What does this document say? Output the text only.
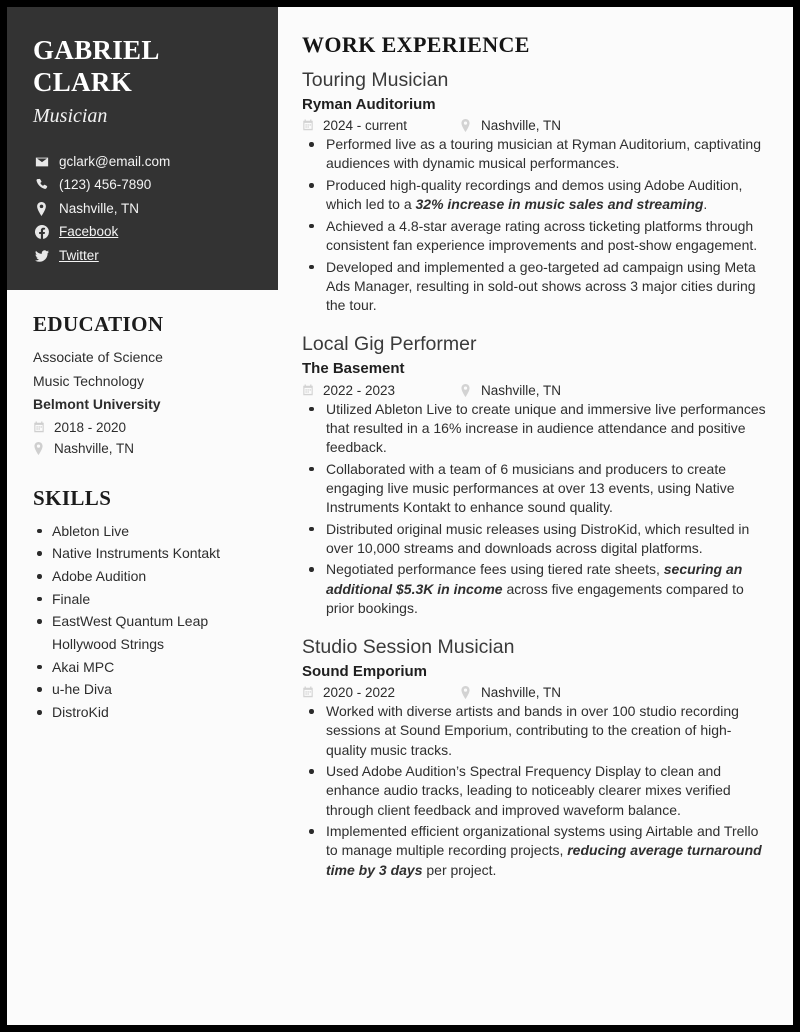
GABRIEL
CLARK
Musician
gclark@email.com
(123) 456-7890
Nashville, TN
Facebook
Twitter
EDUCATION
Associate of Science
Music Technology
Belmont University
2018 - 2020
Nashville, TN
SKILLS
Ableton Live
Native Instruments Kontakt
Adobe Audition
Finale
EastWest Quantum Leap Hollywood Strings
Akai MPC
u-he Diva
DistroKid
WORK EXPERIENCE
Touring Musician
Ryman Auditorium
2024 - current	Nashville, TN
Performed live as a touring musician at Ryman Auditorium, captivating audiences with dynamic musical performances.
Produced high-quality recordings and demos using Adobe Audition, which led to a 32% increase in music sales and streaming.
Achieved a 4.8-star average rating across ticketing platforms through consistent fan experience improvements and post-show engagement.
Developed and implemented a geo-targeted ad campaign using Meta Ads Manager, resulting in sold-out shows across 3 major cities during the tour.
Local Gig Performer
The Basement
2022 - 2023	Nashville, TN
Utilized Ableton Live to create unique and immersive live performances that resulted in a 16% increase in audience attendance and positive feedback.
Collaborated with a team of 6 musicians and producers to create engaging live music performances at over 13 events, using Native Instruments Kontakt to enhance sound quality.
Distributed original music releases using DistroKid, which resulted in over 10,000 streams and downloads across digital platforms.
Negotiated performance fees using tiered rate sheets, securing an additional $5.3K in income across five engagements compared to prior bookings.
Studio Session Musician
Sound Emporium
2020 - 2022	Nashville, TN
Worked with diverse artists and bands in over 100 studio recording sessions at Sound Emporium, contributing to the creation of high-quality music tracks.
Used Adobe Audition’s Spectral Frequency Display to clean and enhance audio tracks, leading to noticeably clearer mixes verified through client feedback and improved waveform balance.
Implemented efficient organizational systems using Airtable and Trello to manage multiple recording projects, reducing average turnaround time by 3 days per project.
